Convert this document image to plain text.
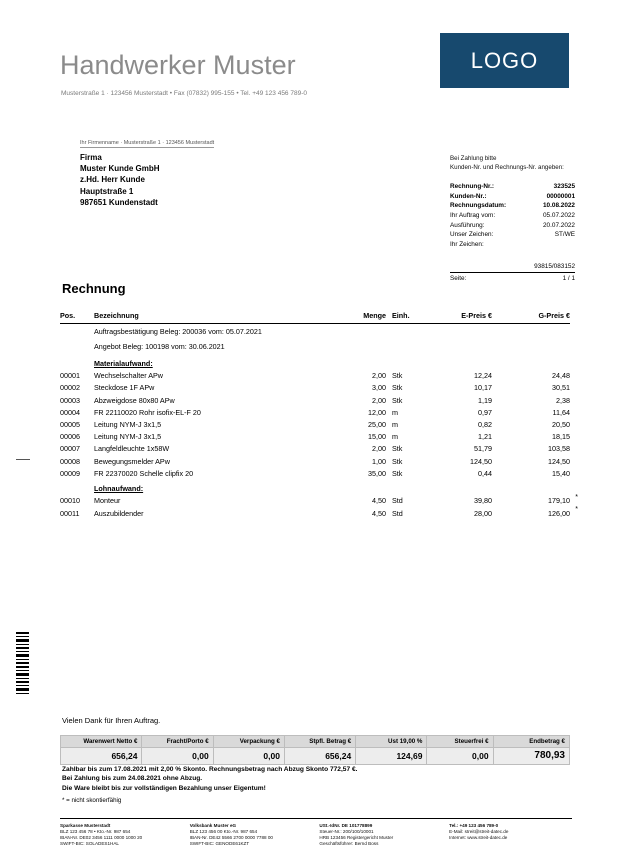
Handwerker Muster
Musterstraße 1 · 123456 Musterstadt • Fax (07832) 995-155 • Tel. +49 123 456 789-0
LOGO
Ihr Firmenname · Musterstraße 1 · 123456 Musterstadt
Firma
Muster Kunde GmbH
z.Hd. Herr Kunde
Hauptstraße 1
987651 Kundenstadt
Bei Zahlung bitte
Kunden-Nr. und Rechnungs-Nr. angeben:
Rechnung-Nr.:	323525
Kunden-Nr.:	00000001
Rechnungsdatum:	10.08.2022
Ihr Auftrag vom:	05.07.2022
Ausführung:	20.07.2022
Unser Zeichen:	ST/WE
Ihr Zeichen:	
93815/083152
Seite:	1 / 1
Rechnung
Pos.	Bezeichnung	Menge	Einh.	E-Preis €	G-Preis €
	Auftragsbestätigung Beleg: 200036 vom: 05.07.2021				
	Angebot Beleg: 100198 vom: 30.06.2021				
	Materialaufwand:				
00001	Wechselschalter APw	2,00	Stk	12,24	24,48
00002	Steckdose 1F APw	3,00	Stk	10,17	30,51
00003	Abzweigdose 80x80 APw	2,00	Stk	1,19	2,38
00004	FR 22110020 Rohr isofix-EL-F 20	12,00	m	0,97	11,64
00005	Leitung NYM-J 3x1,5	25,00	m	0,82	20,50
00006	Leitung NYM-J 3x1,5	15,00	m	1,21	18,15
00007	Langfeldleuchte 1x58W	2,00	Stk	51,79	103,58
00008	Bewegungsmelder APw	1,00	Stk	124,50	124,50
00009	FR 22370020 Schelle clipfix 20	35,00	Stk	0,44	15,40
	Lohnaufwand:				
00010	Monteur	4,50	Std	39,80	179,10 *
00011	Auszubildender	4,50	Std	28,00	126,00 *
Vielen Dank für Ihren Auftrag.
Warenwert Netto €	Fracht/Porto €	Verpackung €	Stpfl. Betrag €	Ust 19,00 %	Steuerfrei €	Endbetrag €
656,24	0,00	0,00	656,24	124,69	0,00	780,93
Zahlbar bis zum 17.08.2021 mit 2,00 % Skonto. Rechnungsbetrag nach Abzug Skonto 772,57 €.
Bei Zahlung bis zum 24.08.2021 ohne Abzug.
Die Ware bleibt bis zur vollständigen Bezahlung unser Eigentum!
* = nicht skontierfähig
Sparkasse Musterstadt
BLZ 123 456 78 • Kto.-Nr. 987 654
IBAN-Nr. DE02 3456 1111 0000 1000 20
SWIFT-BIC: SOLADES1HAL
Volksbank Muster eG
BLZ 123 456 00 Kto.-Nr. 987 654
IBAN-Nr. DE42 5566 2700 0000 7788 00
SWIFT-BIC: GENODE61KZT
USt.-IdNr. DE 101778899
Steuer-Nr.: 200/100/10001
HRB 123456 Registergericht Muster
Geschäftsführer: Bernd Boss
Tel.: +49 123 456 789-0
E-Mail: streit@streit-datec.de
Internet: www.streit-datec.de
